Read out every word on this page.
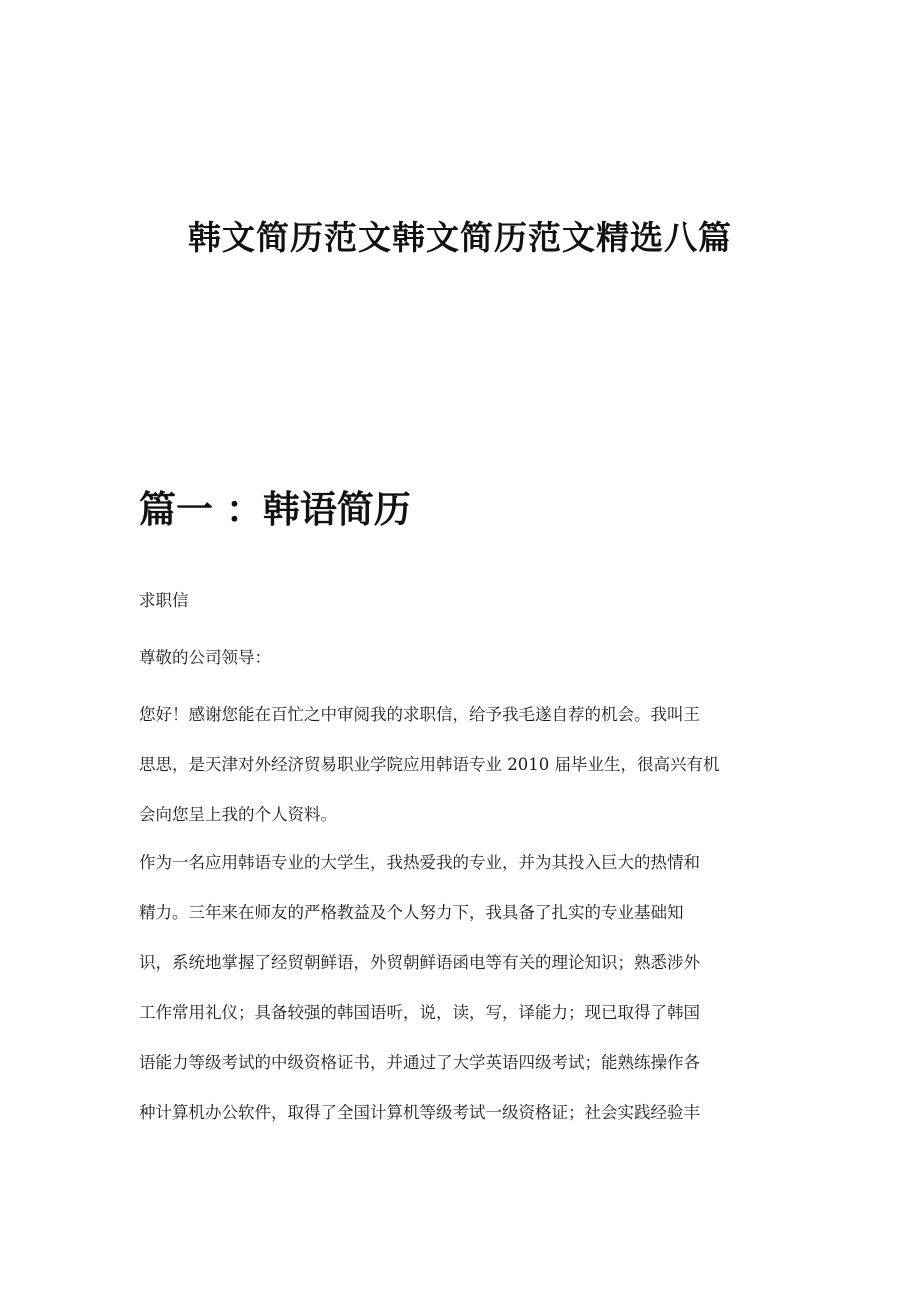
韩文简历范文韩文简历范文精选八篇
篇一 ：韩语简历
求职信
尊敬的公司领导：
您好！感谢您能在百忙之中审阅我的求职信，给予我毛遂自荐的机会。我叫王
思思，是天津对外经济贸易职业学院应用韩语专业 2010 届毕业生，很高兴有机
会向您呈上我的个人资料。
作为一名应用韩语专业的大学生，我热爱我的专业，并为其投入巨大的热情和
精力。三年来在师友的严格教益及个人努力下，我具备了扎实的专业基础知
识，系统地掌握了经贸朝鲜语，外贸朝鲜语函电等有关的理论知识；熟悉涉外
工作常用礼仪；具备较强的韩国语听，说，读，写，译能力；现已取得了韩国
语能力等级考试的中级资格证书，并通过了大学英语四级考试；能熟练操作各
种计算机办公软件，取得了全国计算机等级考试一级资格证；社会实践经验丰
